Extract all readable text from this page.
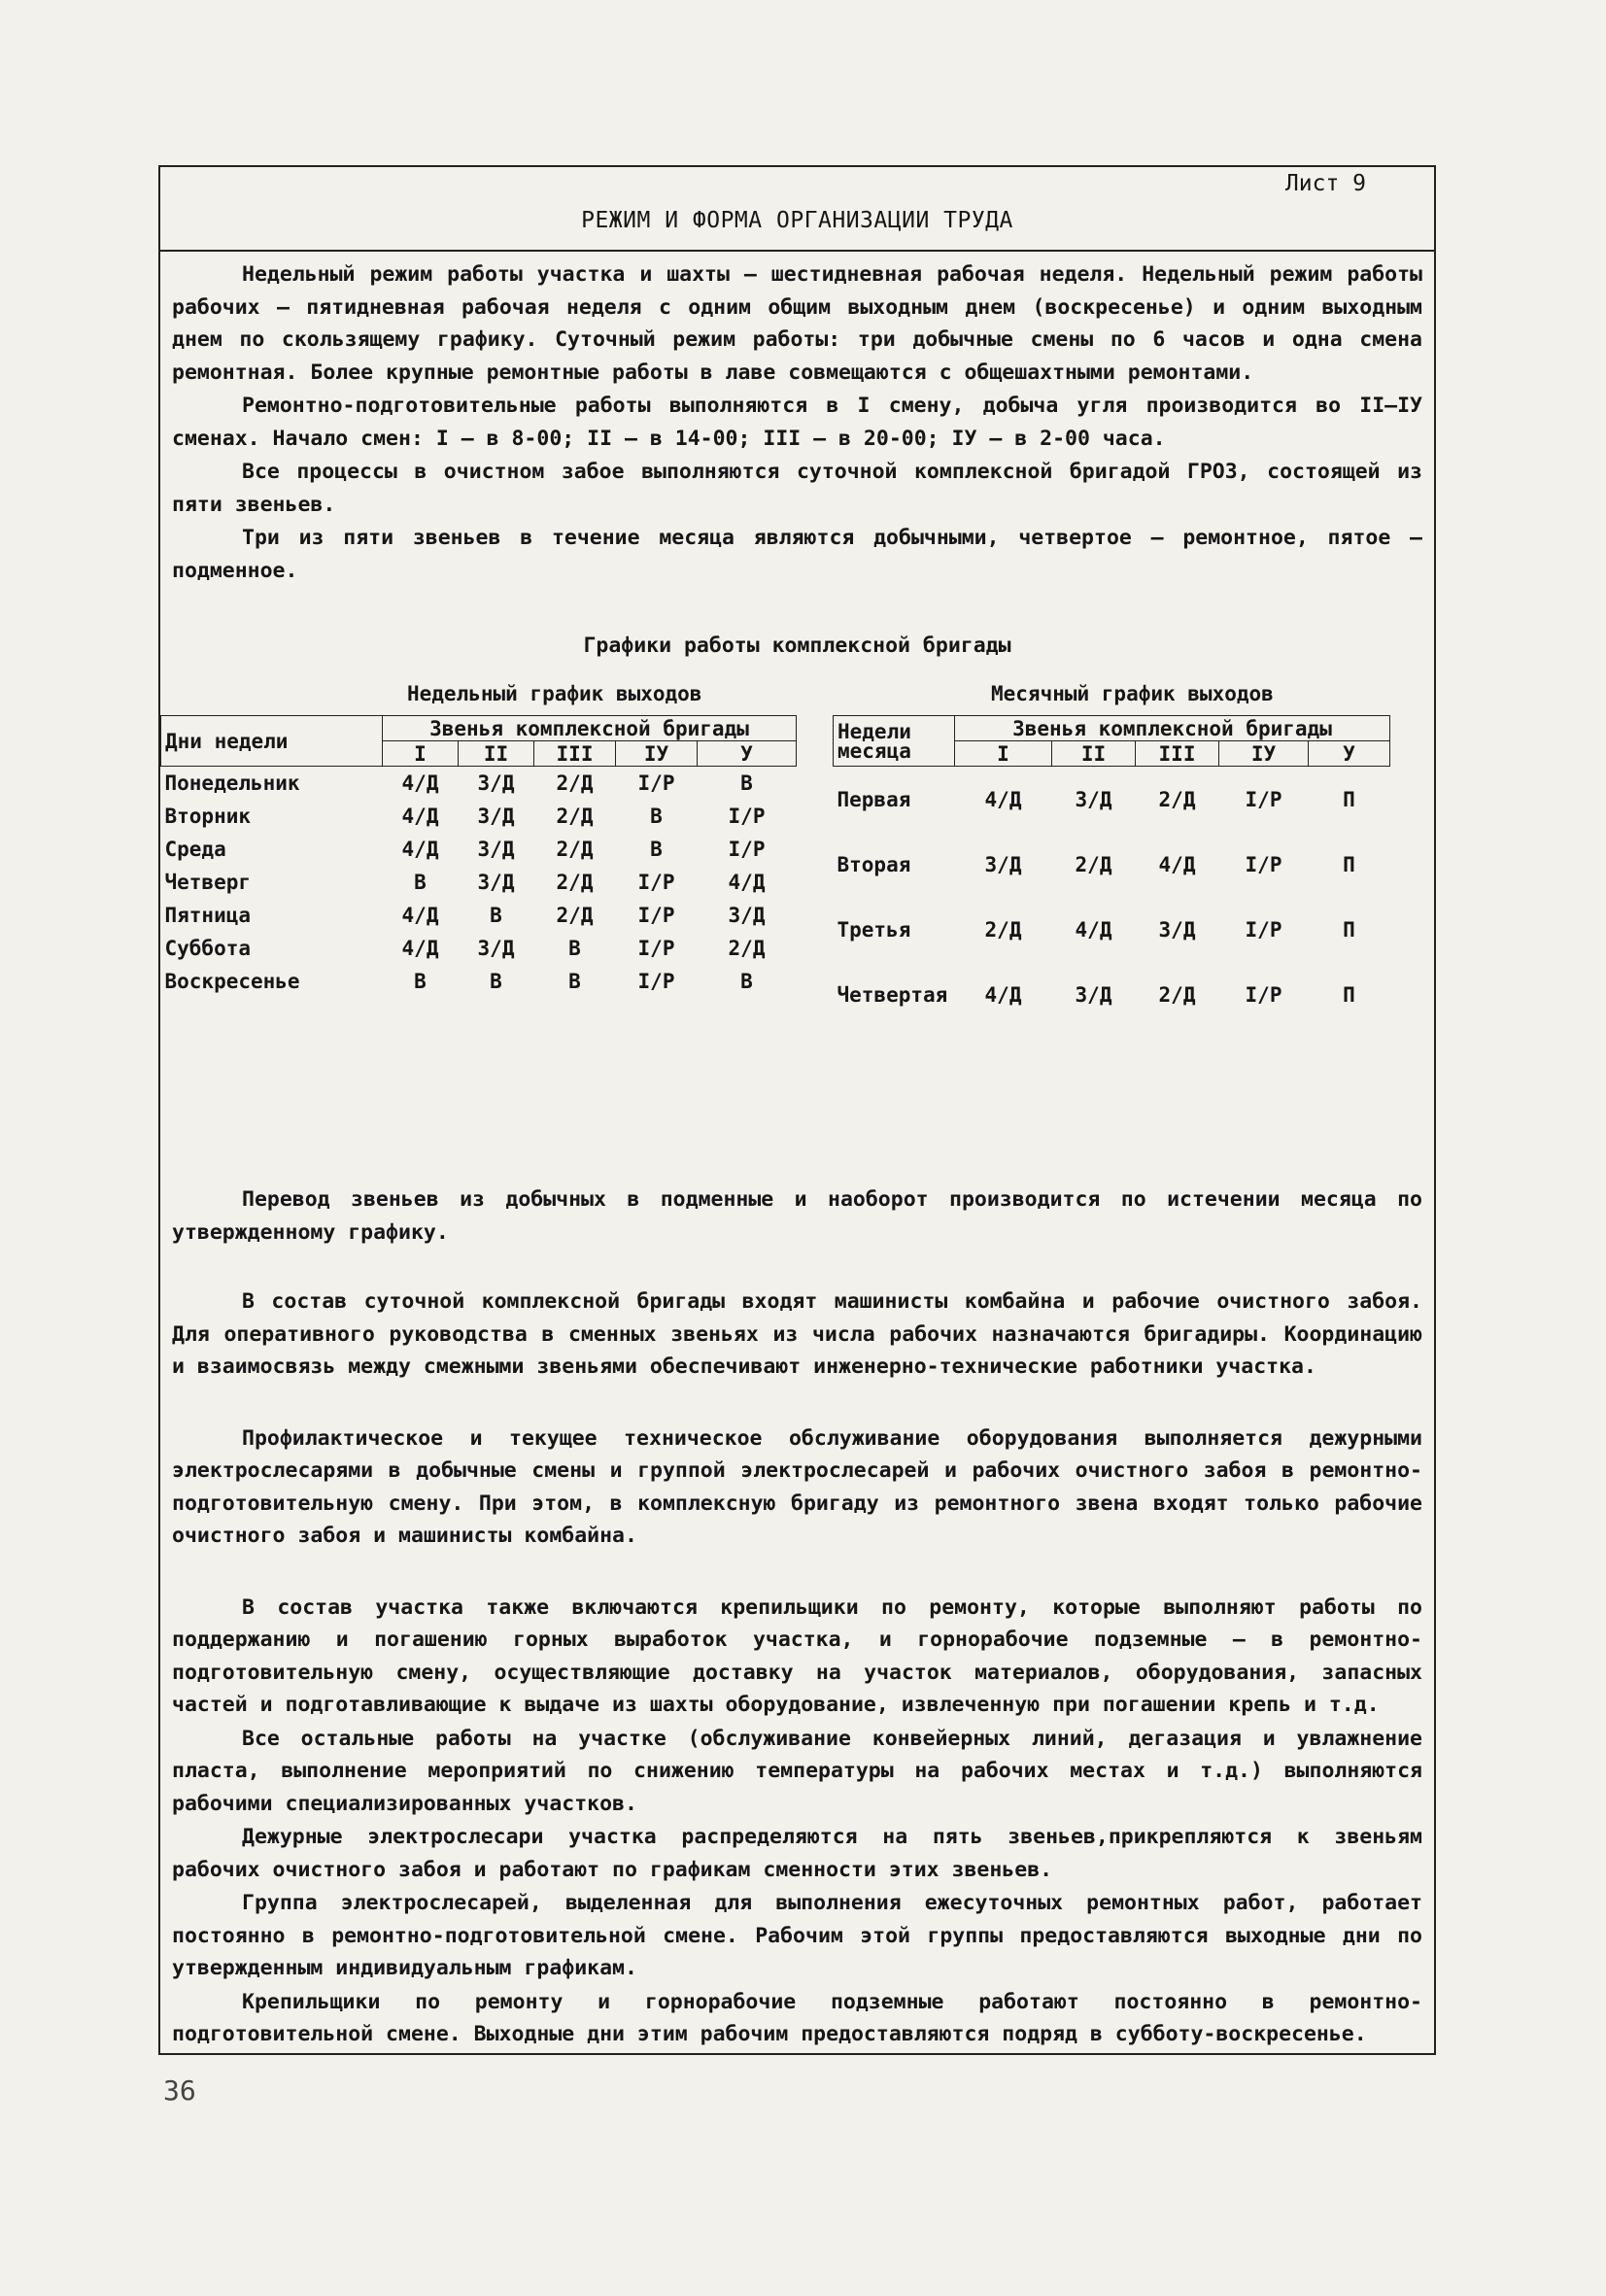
Лист 9
РЕЖИМ И ФОРМА ОРГАНИЗАЦИИ ТРУДА

Недельный режим работы участка и шахты – шестидневная рабочая неделя. Недельный режим работы рабочих – пятидневная рабочая неделя с одним общим выходным днем (воскресенье) и одним выходным днем по скользящему графику. Суточный режим работы: три добычные смены по 6 часов и одна смена ремонтная. Более крупные ремонтные работы в лаве совмещаются с общешахтными ремонтами.

Ремонтно-подготовительные работы выполняются в I смену, добыча угля производится во II–IУ сменах. Начало смен: I – в 8-00; II – в 14-00; III – в 20-00; IУ – в 2-00 часа.

Все процессы в очистном забое выполняются суточной комплексной бригадой ГРОЗ, состоящей из пяти звеньев.

Три из пяти звеньев в течение месяца являются добычными, четвертое – ремонтное, пятое – подменное.

Графики работы комплексной бригады
Недельный график выходов	Месячный график выходов
Дни недели	Звенья комплексной бригады				
	I	II	III	IУ	У
Понедельник	4/Д	3/Д	2/Д	I/Р	В
Вторник	4/Д	3/Д	2/Д	В	I/Р
Среда	4/Д	3/Д	2/Д	В	I/Р
Четверг	В	3/Д	2/Д	I/Р	4/Д
Пятница	4/Д	В	2/Д	I/Р	3/Д
Суббота	4/Д	3/Д	В	I/Р	2/Д
Воскресенье	В	В	В	I/Р	В
Недели месяца	Звенья комплексной бригады				
	I	II	III	IУ	У
Первая	4/Д	3/Д	2/Д	I/Р	П
Вторая	3/Д	2/Д	4/Д	I/Р	П
Третья	2/Д	4/Д	3/Д	I/Р	П
Четвертая	4/Д	3/Д	2/Д	I/Р	П

Перевод звеньев из добычных в подменные и наоборот производится по истечении месяца по утвержденному графику.

В состав суточной комплексной бригады входят машинисты комбайна и рабочие очистного забоя. Для оперативного руководства в сменных звеньях из числа рабочих назначаются бригадиры. Координацию и взаимосвязь между смежными звеньями обеспечивают инженерно-технические работники участка.

Профилактическое и текущее техническое обслуживание оборудования выполняется дежурными электрослесарями в добычные смены и группой электрослесарей и рабочих очистного забоя в ремонтно-подготовительную смену. При этом, в комплексную бригаду из ремонтного звена входят только рабочие очистного забоя и машинисты комбайна.

В состав участка также включаются крепильщики по ремонту, которые выполняют работы по поддержанию и погашению горных выработок участка, и горнорабочие подземные – в ремонтно-подготовительную смену, осуществляющие доставку на участок материалов, оборудования, запасных частей и подготавливающие к выдаче из шахты оборудование, извлеченную при погашении крепь и т.д.

Все остальные работы на участке (обслуживание конвейерных линий, дегазация и увлажнение пласта, выполнение мероприятий по снижению температуры на рабочих местах и т.д.) выполняются рабочими специализированных участков.

Дежурные электрослесари участка распределяются на пять звеньев,прикрепляются к звеньям рабочих очистного забоя и работают по графикам сменности этих звеньев.

Группа электрослесарей, выделенная для выполнения ежесуточных ремонтных работ, работает постоянно в ремонтно-подготовительной смене. Рабочим этой группы предоставляются выходные дни по утвержденным индивидуальным графикам.

Крепильщики по ремонту и горнорабочие подземные работают постоянно в ремонтно-подготовительной смене. Выходные дни этим рабочим предоставляются подряд в субботу-воскресенье.

36
